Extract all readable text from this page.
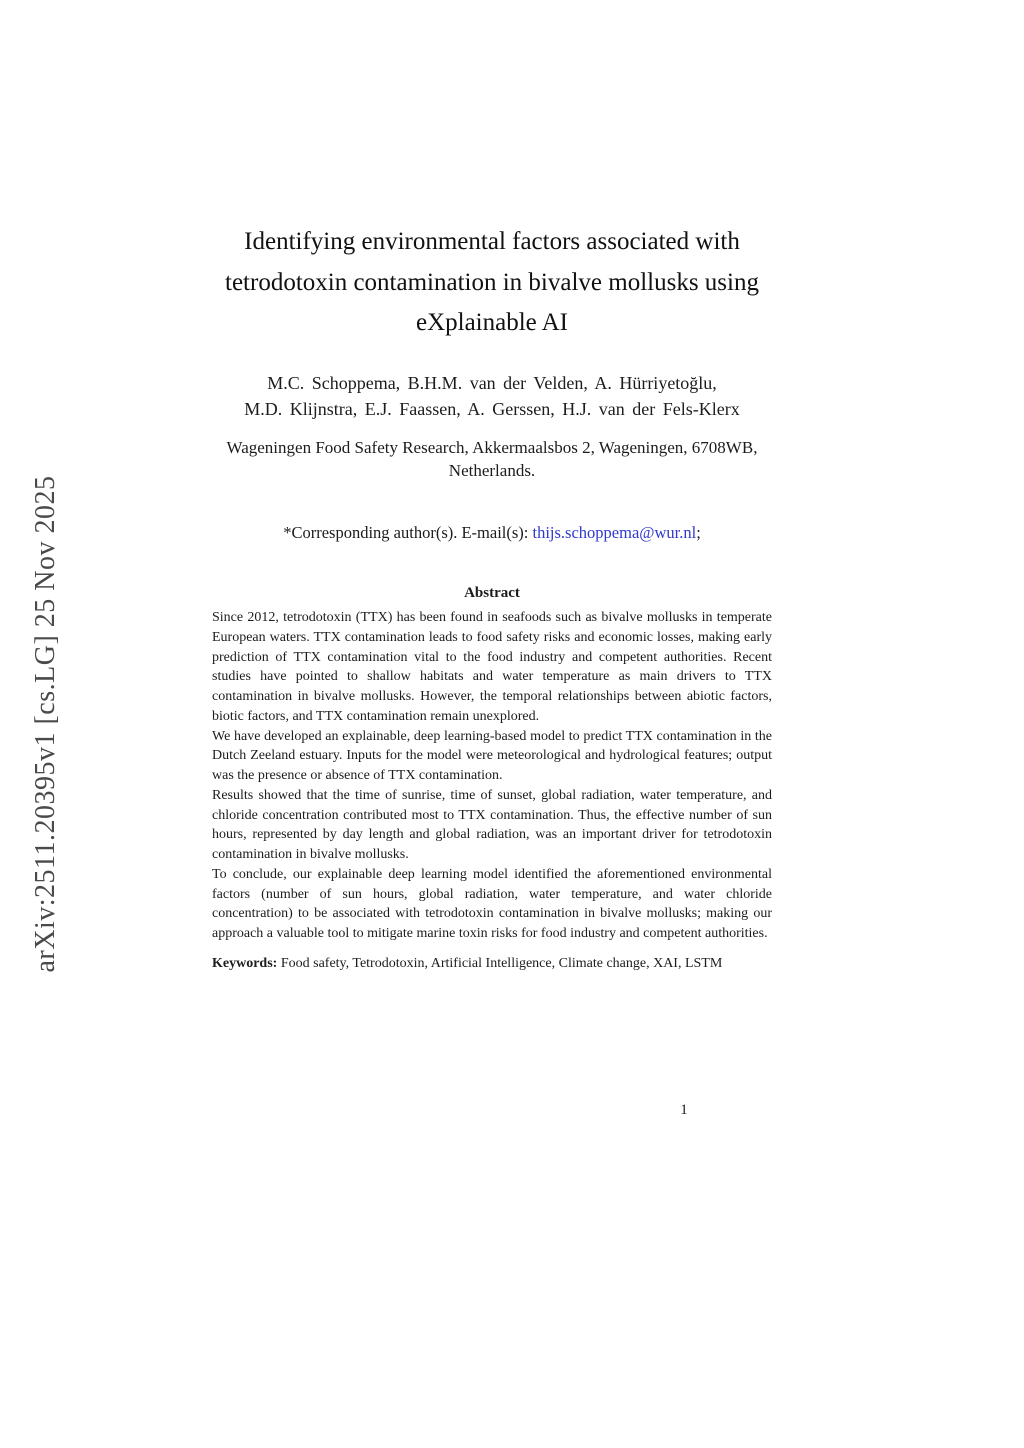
arXiv:2511.20395v1 [cs.LG] 25 Nov 2025
Identifying environmental factors associated with tetrodotoxin contamination in bivalve mollusks using eXplainable AI
M.C. Schoppema, B.H.M. van der Velden, A. Hürriyetoğlu,
M.D. Klijnstra, E.J. Faassen, A. Gerssen, H.J. van der Fels-Klerx
Wageningen Food Safety Research, Akkermaalsbos 2, Wageningen, 6708WB, Netherlands.
*Corresponding author(s). E-mail(s): thijs.schoppema@wur.nl;
Abstract

Since 2012, tetrodotoxin (TTX) has been found in seafoods such as bivalve mollusks in temperate European waters. TTX contamination leads to food safety risks and economic losses, making early prediction of TTX contamination vital to the food industry and competent authorities. Recent studies have pointed to shallow habitats and water temperature as main drivers to TTX contamination in bivalve mollusks. However, the temporal relationships between abiotic factors, biotic factors, and TTX contamination remain unexplored.

We have developed an explainable, deep learning-based model to predict TTX contamination in the Dutch Zeeland estuary. Inputs for the model were meteorological and hydrological features; output was the presence or absence of TTX contamination.

Results showed that the time of sunrise, time of sunset, global radiation, water temperature, and chloride concentration contributed most to TTX contamination. Thus, the effective number of sun hours, represented by day length and global radiation, was an important driver for tetrodotoxin contamination in bivalve mollusks.

To conclude, our explainable deep learning model identified the aforementioned environmental factors (number of sun hours, global radiation, water temperature, and water chloride concentration) to be associated with tetrodotoxin contamination in bivalve mollusks; making our approach a valuable tool to mitigate marine toxin risks for food industry and competent authorities.

Keywords: Food safety, Tetrodotoxin, Artificial Intelligence, Climate change, XAI, LSTM
1
